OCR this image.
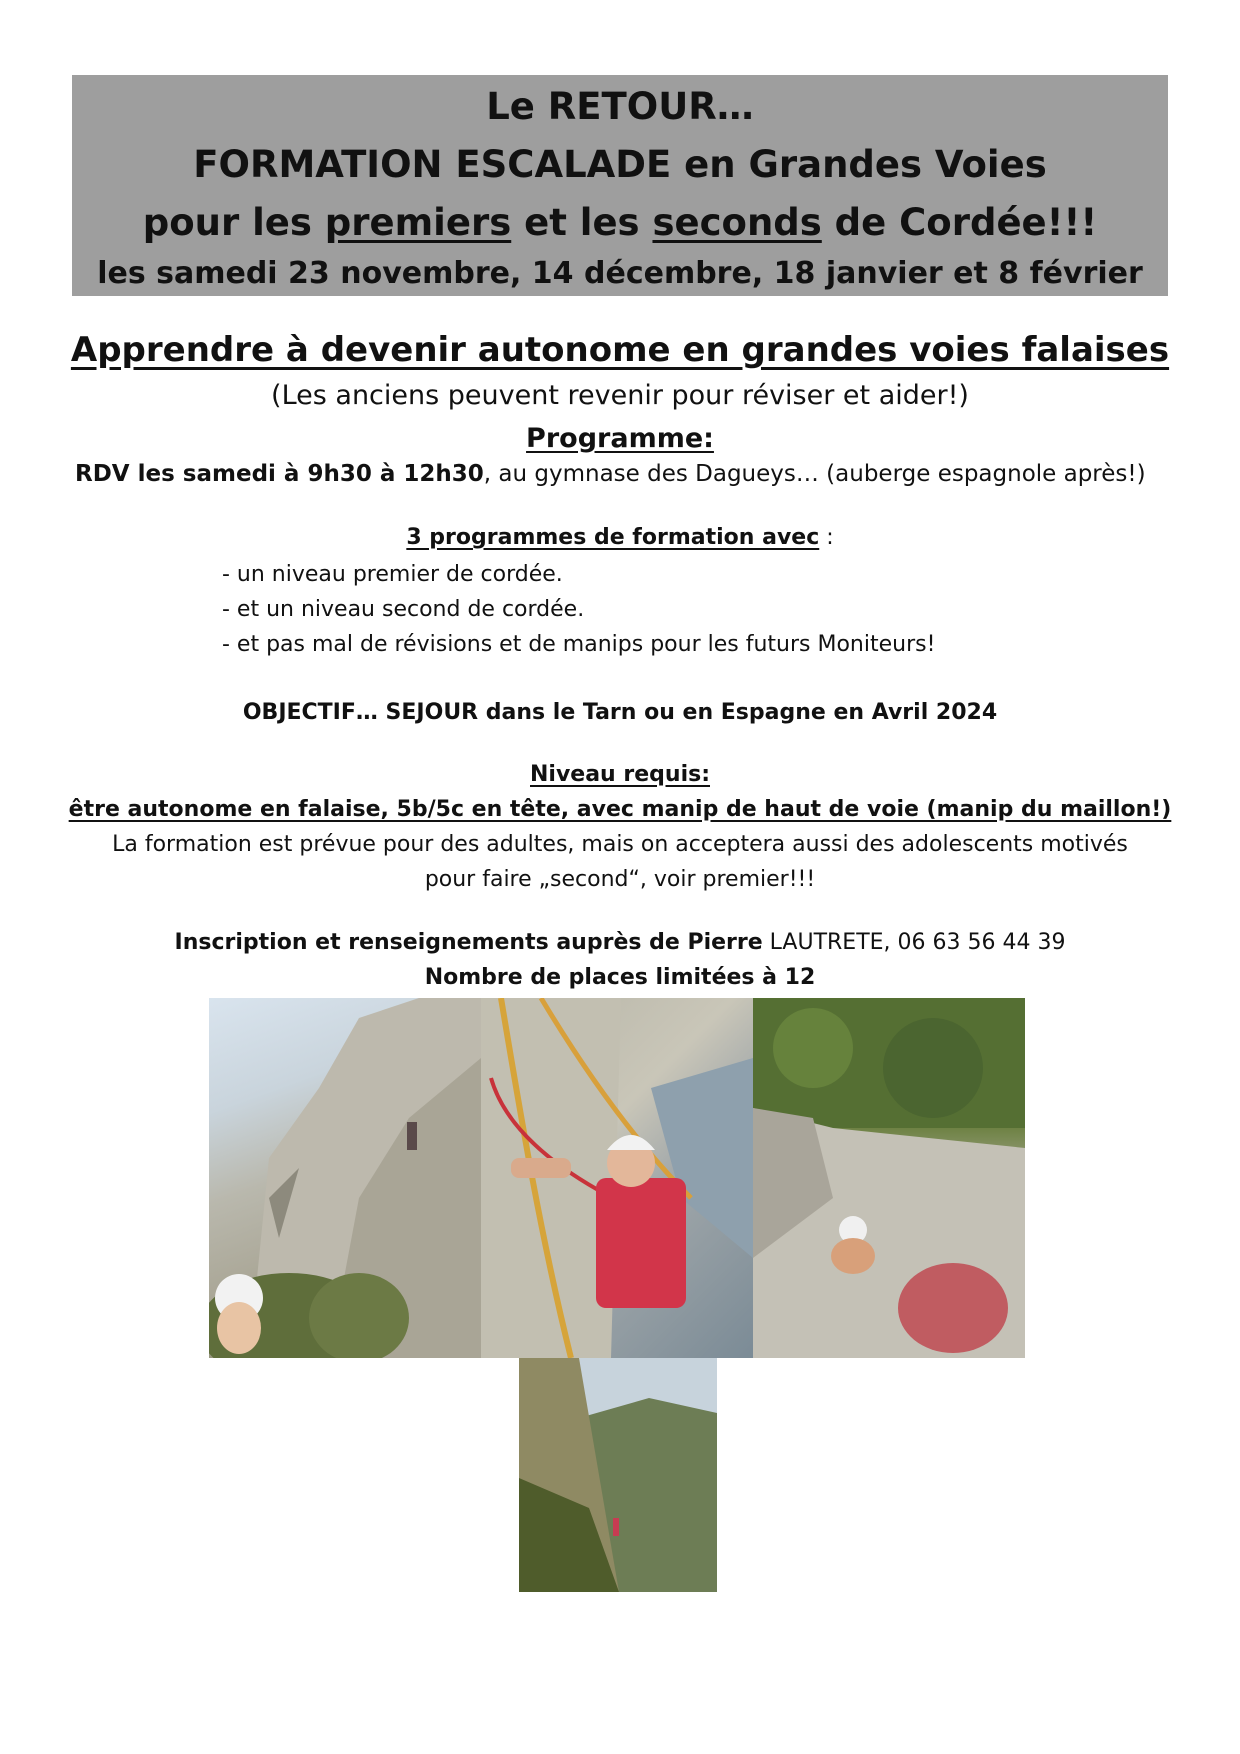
Le RETOUR…
FORMATION ESCALADE en Grandes Voies
pour les premiers et les seconds de Cordée!!!
les samedi 23 novembre, 14 décembre, 18 janvier et 8 février
Apprendre à devenir autonome en grandes voies falaises
(Les anciens peuvent revenir pour réviser et aider!)
Programme:
RDV les samedi à 9h30 à 12h30, au gymnase des Dagueys… (auberge espagnole après!)
3 programmes de formation avec :
- un niveau premier de cordée.
- et un niveau second de cordée.
- et pas mal de révisions et de manips pour les futurs Moniteurs!
OBJECTIF… SEJOUR dans le Tarn ou en Espagne en Avril 2024
Niveau requis:
être autonome en falaise, 5b/5c en tête, avec manip de haut de voie (manip du maillon!)
La formation est prévue pour des adultes, mais on acceptera aussi des adolescents motivés
pour faire „second“, voir premier!!!
Inscription et renseignements auprès de Pierre LAUTRETE, 06 63 56 44 39
Nombre de places limitées à 12
